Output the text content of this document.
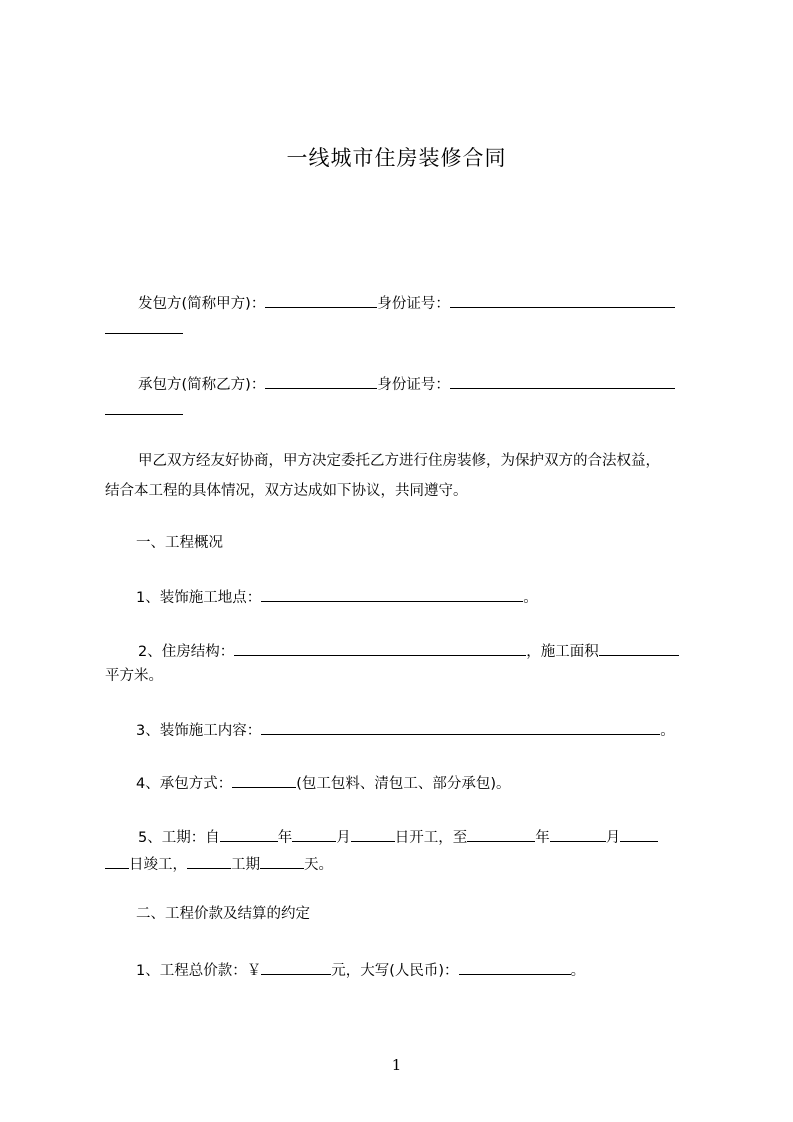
一线城市住房装修合同
发包方(简称甲方)：	身份证号：
承包方(简称乙方)：	身份证号：
甲乙双方经友好协商，甲方决定委托乙方进行住房装修，为保护双方的合法权益，
结合本工程的具体情况，双方达成如下协议，共同遵守。
一、工程概况
1、装饰施工地点：	。
2、住房结构：	，施工面积
平方米。
3、装饰施工内容：	。
4、承包方式：	(包工包料、清包工、部分承包)。
5、工期：自	年	月	日开工，至	年	月
日竣工，	工期	天。
二、工程价款及结算的约定
1、工程总价款：￥	元，大写(人民币)：	。
1
